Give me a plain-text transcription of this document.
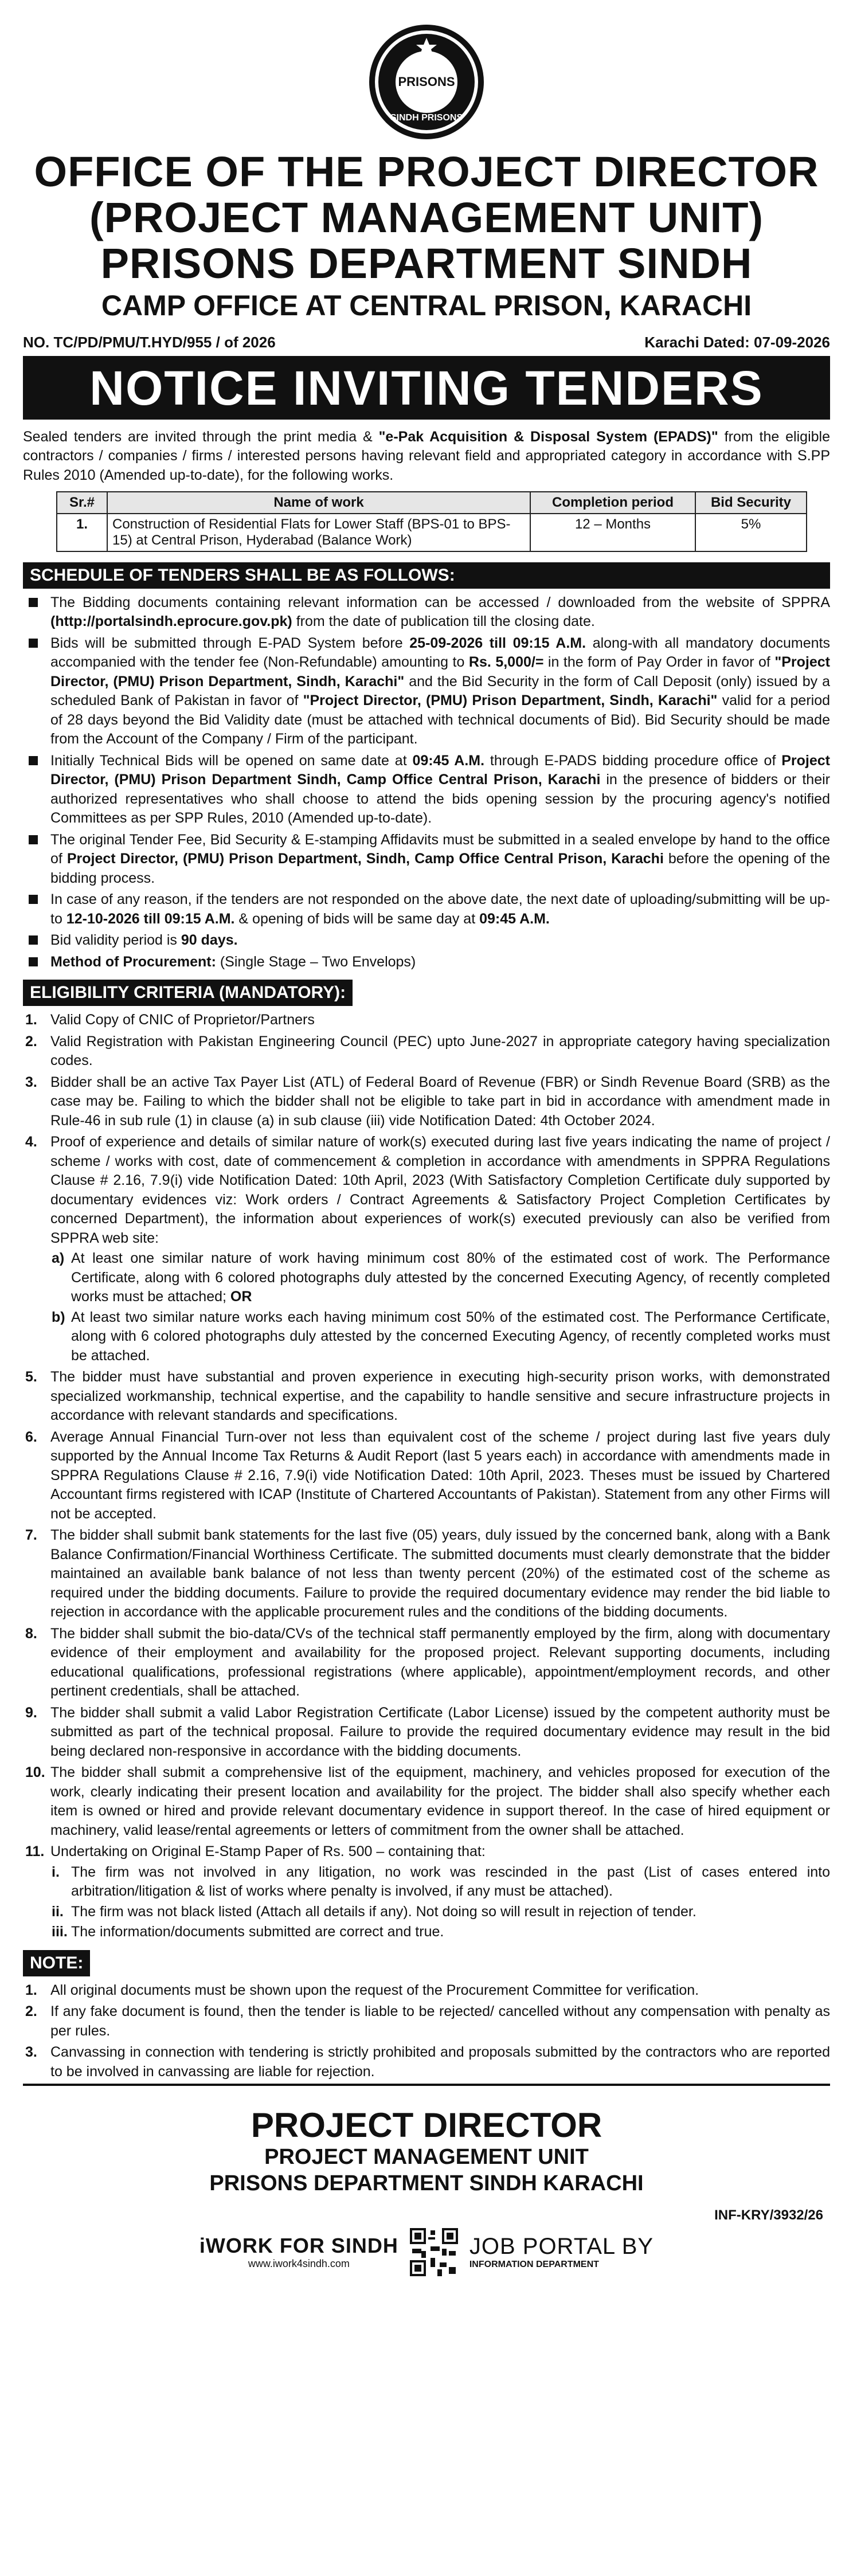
PRISONS
SINDH PRISONS
OFFICE OF THE PROJECT DIRECTOR
(PROJECT MANAGEMENT UNIT)
PRISONS DEPARTMENT SINDH
CAMP OFFICE AT CENTRAL PRISON, KARACHI
NO. TC/PD/PMU/T.HYD/955 / of 2026	Karachi Dated: 07-09-2026
NOTICE INVITING TENDERS
Sealed tenders are invited through the print media & "e-Pak Acquisition & Disposal System (EPADS)" from the eligible contractors / companies / firms / interested persons having relevant field and appropriated category in accordance with S.PP Rules 2010 (Amended up-to-date), for the following works.
Sr.#	Name of work	Completion period	Bid Security
1.	Construction of Residential Flats for Lower Staff (BPS-01 to BPS-15) at Central Prison, Hyderabad (Balance Work)	12 – Months	5%
SCHEDULE OF TENDERS SHALL BE AS FOLLOWS:
The Bidding documents containing relevant information can be accessed / downloaded from the website of SPPRA (http://portalsindh.eprocure.gov.pk) from the date of publication till the closing date.
Bids will be submitted through E-PAD System before 25-09-2026 till 09:15 A.M. along-with all mandatory documents accompanied with the tender fee (Non-Refundable) amounting to Rs. 5,000/= in the form of Pay Order in favor of "Project Director, (PMU) Prison Department, Sindh, Karachi" and the Bid Security in the form of Call Deposit (only) issued by a scheduled Bank of Pakistan in favor of "Project Director, (PMU) Prison Department, Sindh, Karachi" valid for a period of 28 days beyond the Bid Validity date (must be attached with technical documents of Bid). Bid Security should be made from the Account of the Company / Firm of the participant.
Initially Technical Bids will be opened on same date at 09:45 A.M. through E-PADS bidding procedure office of Project Director, (PMU) Prison Department Sindh, Camp Office Central Prison, Karachi in the presence of bidders or their authorized representatives who shall choose to attend the bids opening session by the procuring agency's notified Committees as per SPP Rules, 2010 (Amended up-to-date).
The original Tender Fee, Bid Security & E-stamping Affidavits must be submitted in a sealed envelope by hand to the office of Project Director, (PMU) Prison Department, Sindh, Camp Office Central Prison, Karachi before the opening of the bidding process.
In case of any reason, if the tenders are not responded on the above date, the next date of uploading/submitting will be up-to 12-10-2026 till 09:15 A.M. & opening of bids will be same day at 09:45 A.M.
Bid validity period is 90 days.
Method of Procurement: (Single Stage – Two Envelops)
ELIGIBILITY CRITERIA (MANDATORY):
1. Valid Copy of CNIC of Proprietor/Partners
2. Valid Registration with Pakistan Engineering Council (PEC) upto June-2027 in appropriate category having specialization codes.
3. Bidder shall be an active Tax Payer List (ATL) of Federal Board of Revenue (FBR) or Sindh Revenue Board (SRB) as the case may be. Failing to which the bidder shall not be eligible to take part in bid in accordance with amendment made in Rule-46 in sub rule (1) in clause (a) in sub clause (iii) vide Notification Dated: 4th October 2024.
4. Proof of experience and details of similar nature of work(s) executed during last five years indicating the name of project / scheme / works with cost, date of commencement & completion in accordance with amendments in SPPRA Regulations Clause # 2.16, 7.9(i) vide Notification Dated: 10th April, 2023 (With Satisfactory Completion Certificate duly supported by documentary evidences viz: Work orders / Contract Agreements & Satisfactory Project Completion Certificates by concerned Department), the information about experiences of work(s) executed previously can also be verified from SPPRA web site:
a) At least one similar nature of work having minimum cost 80% of the estimated cost of work. The Performance Certificate, along with 6 colored photographs duly attested by the concerned Executing Agency, of recently completed works must be attached; OR
b) At least two similar nature works each having minimum cost 50% of the estimated cost. The Performance Certificate, along with 6 colored photographs duly attested by the concerned Executing Agency, of recently completed works must be attached.
5. The bidder must have substantial and proven experience in executing high-security prison works, with demonstrated specialized workmanship, technical expertise, and the capability to handle sensitive and secure infrastructure projects in accordance with relevant standards and specifications.
6. Average Annual Financial Turn-over not less than equivalent cost of the scheme / project during last five years duly supported by the Annual Income Tax Returns & Audit Report (last 5 years each) in accordance with amendments made in SPPRA Regulations Clause # 2.16, 7.9(i) vide Notification Dated: 10th April, 2023. Theses must be issued by Chartered Accountant firms registered with ICAP (Institute of Chartered Accountants of Pakistan). Statement from any other Firms will not be accepted.
7. The bidder shall submit bank statements for the last five (05) years, duly issued by the concerned bank, along with a Bank Balance Confirmation/Financial Worthiness Certificate. The submitted documents must clearly demonstrate that the bidder maintained an available bank balance of not less than twenty percent (20%) of the estimated cost of the scheme as required under the bidding documents. Failure to provide the required documentary evidence may render the bid liable to rejection in accordance with the applicable procurement rules and the conditions of the bidding documents.
8. The bidder shall submit the bio-data/CVs of the technical staff permanently employed by the firm, along with documentary evidence of their employment and availability for the proposed project. Relevant supporting documents, including educational qualifications, professional registrations (where applicable), appointment/employment records, and other pertinent credentials, shall be attached.
9. The bidder shall submit a valid Labor Registration Certificate (Labor License) issued by the competent authority must be submitted as part of the technical proposal. Failure to provide the required documentary evidence may result in the bid being declared non-responsive in accordance with the bidding documents.
10. The bidder shall submit a comprehensive list of the equipment, machinery, and vehicles proposed for execution of the work, clearly indicating their present location and availability for the project. The bidder shall also specify whether each item is owned or hired and provide relevant documentary evidence in support thereof. In the case of hired equipment or machinery, valid lease/rental agreements or letters of commitment from the owner shall be attached.
11. Undertaking on Original E-Stamp Paper of Rs. 500 – containing that:
i. The firm was not involved in any litigation, no work was rescinded in the past (List of cases entered into arbitration/litigation & list of works where penalty is involved, if any must be attached).
ii. The firm was not black listed (Attach all details if any). Not doing so will result in rejection of tender.
iii. The information/documents submitted are correct and true.
NOTE:
1. All original documents must be shown upon the request of the Procurement Committee for verification.
2. If any fake document is found, then the tender is liable to be rejected/ cancelled without any compensation with penalty as per rules.
3. Canvassing in connection with tendering is strictly prohibited and proposals submitted by the contractors who are reported to be involved in canvassing are liable for rejection.
PROJECT DIRECTOR
PROJECT MANAGEMENT UNIT
PRISONS DEPARTMENT SINDH KARACHI
INF-KRY/3932/26
iWORK FOR SINDH
www.iwork4sindh.com
JOB PORTAL BY
INFORMATION DEPARTMENT
